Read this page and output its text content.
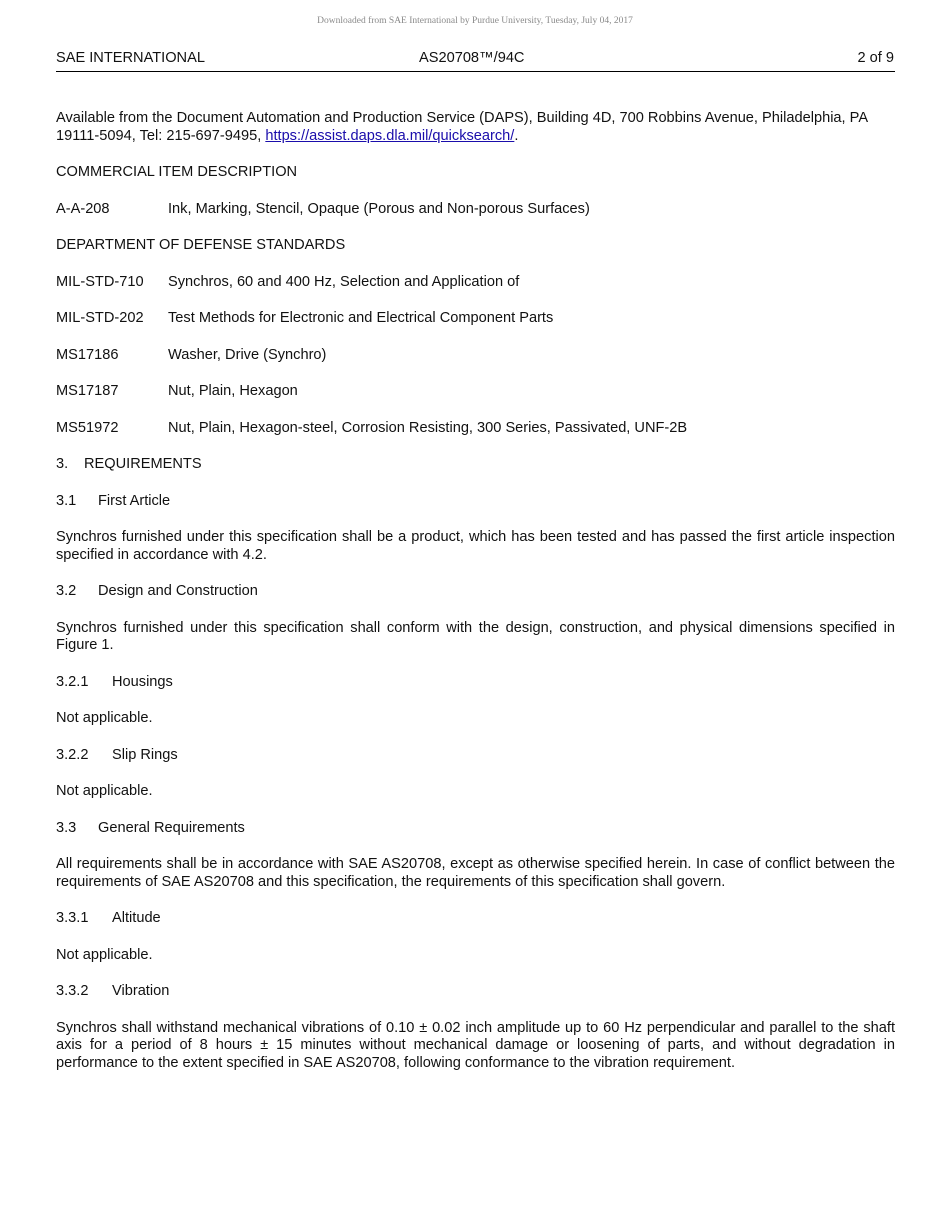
Downloaded from SAE International by Purdue University, Tuesday, July 04, 2017
SAE INTERNATIONAL	AS20708™/94C	2 of 9

Available from the Document Automation and Production Service (DAPS), Building 4D, 700 Robbins Avenue, Philadelphia, PA 19111-5094, Tel: 215-697-9495, https://assist.daps.dla.mil/quicksearch/.

COMMERCIAL ITEM DESCRIPTION

A-A-208	Ink, Marking, Stencil, Opaque (Porous and Non-porous Surfaces)

DEPARTMENT OF DEFENSE STANDARDS

MIL-STD-710	Synchros, 60 and 400 Hz, Selection and Application of
MIL-STD-202	Test Methods for Electronic and Electrical Component Parts
MS17186	Washer, Drive (Synchro)
MS17187	Nut, Plain, Hexagon
MS51972	Nut, Plain, Hexagon-steel, Corrosion Resisting, 300 Series, Passivated, UNF-2B
3.	REQUIREMENTS
3.1	First Article

Synchros furnished under this specification shall be a product, which has been tested and has passed the first article inspection specified in accordance with 4.2.

3.2	Design and Construction

Synchros furnished under this specification shall conform with the design, construction, and physical dimensions specified in Figure 1.

3.2.1	Housings

Not applicable.

3.2.2	Slip Rings

Not applicable.

3.3	General Requirements

All requirements shall be in accordance with SAE AS20708, except as otherwise specified herein. In case of conflict between the requirements of SAE AS20708 and this specification, the requirements of this specification shall govern.

3.3.1	Altitude

Not applicable.

3.3.2	Vibration

Synchros shall withstand mechanical vibrations of 0.10 ± 0.02 inch amplitude up to 60 Hz perpendicular and parallel to the shaft axis for a period of 8 hours ± 15 minutes without mechanical damage or loosening of parts, and without degradation in performance to the extent specified in SAE AS20708, following conformance to the vibration requirement.
